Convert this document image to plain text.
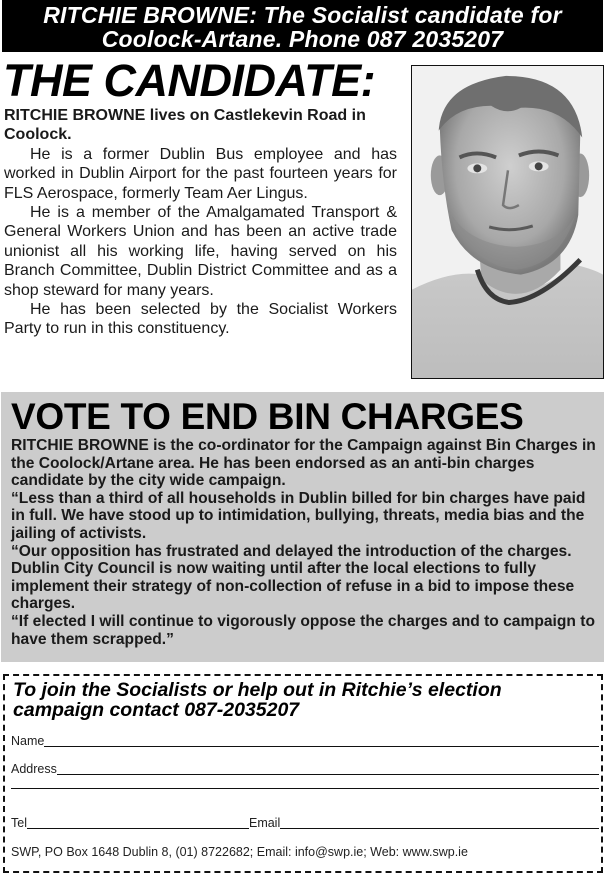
RITCHIE BROWNE: The Socialist candidate for
Coolock-Artane. Phone 087 2035207
THE CANDIDATE:

RITCHIE BROWNE lives on Castlekevin Road in Coolock.

He is a former Dublin Bus employee and has worked in Dublin Airport for the past fourteen years for FLS Aerospace, formerly Team Aer Lingus.

He is a member of the Amalgamated Transport & General Workers Union and has been an active trade unionist all his working life, having served on his Branch Committee, Dublin District Committee and as a shop steward for many years.

He has been selected by the Socialist Workers Party to run in this constituency.

VOTE TO END BIN CHARGES

RITCHIE BROWNE is the co-ordinator for the Campaign against Bin Charges in the Coolock/Artane area. He has been endorsed as an anti-bin charges candidate by the city wide campaign.

“Less than a third of all households in Dublin billed for bin charges have paid in full. We have stood up to intimidation, bullying, threats, media bias and the jailing of activists.

“Our opposition has frustrated and delayed the introduction of the charges. Dublin City Council is now waiting until after the local elections to fully implement their strategy of non-collection of refuse in a bid to impose these charges.

“If elected I will continue to vigorously oppose the charges and to campaign to have them scrapped.”

To join the Socialists or help out in Ritchie’s election campaign contact 087-2035207
Name
Address
Tel	Email
SWP, PO Box 1648 Dublin 8, (01) 8722682; Email: info@swp.ie; Web: www.swp.ie
